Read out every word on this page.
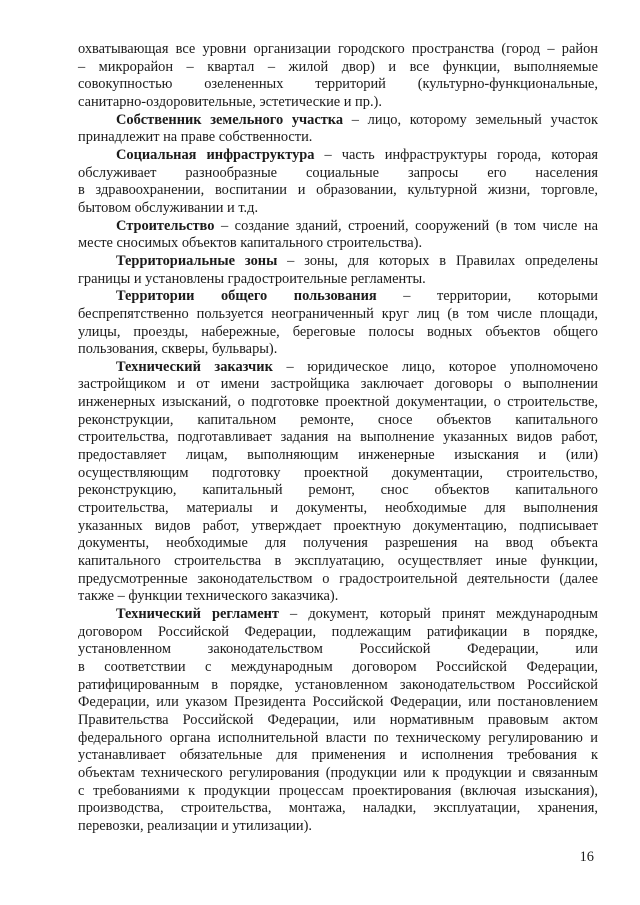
охватывающая все уровни организации городского пространства (город – район
– микрорайон – квартал – жилой двор) и все функции, выполняемые
совокупностью озелененных территорий (культурно-функциональные,
санитарно-оздоровительные, эстетические и пр.).
Собственник земельного участка – лицо, которому земельный участок
принадлежит на праве собственности.
Социальная инфраструктура – часть инфраструктуры города, которая
обслуживает разнообразные социальные запросы его населения
в здравоохранении, воспитании и образовании, культурной жизни, торговле,
бытовом обслуживании и т.д.
Строительство – создание зданий, строений, сооружений (в том числе на
месте сносимых объектов капитального строительства).
Территориальные зоны – зоны, для которых в Правилах определены
границы и установлены градостроительные регламенты.
Территории общего пользования – территории, которыми
беспрепятственно пользуется неограниченный круг лиц (в том числе площади,
улицы, проезды, набережные, береговые полосы водных объектов общего
пользования, скверы, бульвары).
Технический заказчик – юридическое лицо, которое уполномочено
застройщиком и от имени застройщика заключает договоры о выполнении
инженерных изысканий, о подготовке проектной документации, о строительстве,
реконструкции, капитальном ремонте, сносе объектов капитального
строительства, подготавливает задания на выполнение указанных видов работ,
предоставляет лицам, выполняющим инженерные изыскания и (или)
осуществляющим подготовку проектной документации, строительство,
реконструкцию, капитальный ремонт, снос объектов капитального
строительства, материалы и документы, необходимые для выполнения
указанных видов работ, утверждает проектную документацию, подписывает
документы, необходимые для получения разрешения на ввод объекта
капитального строительства в эксплуатацию, осуществляет иные функции,
предусмотренные законодательством о градостроительной деятельности (далее
также – функции технического заказчика).
Технический регламент – документ, который принят международным
договором Российской Федерации, подлежащим ратификации в порядке,
установленном законодательством Российской Федерации, или
в соответствии с международным договором Российской Федерации,
ратифицированным в порядке, установленном законодательством Российской
Федерации, или указом Президента Российской Федерации, или постановлением
Правительства Российской Федерации, или нормативным правовым актом
федерального органа исполнительной власти по техническому регулированию и
устанавливает обязательные для применения и исполнения требования к
объектам технического регулирования (продукции или к продукции и связанным
с требованиями к продукции процессам проектирования (включая изыскания),
производства, строительства, монтажа, наладки, эксплуатации, хранения,
перевозки, реализации и утилизации).
16
